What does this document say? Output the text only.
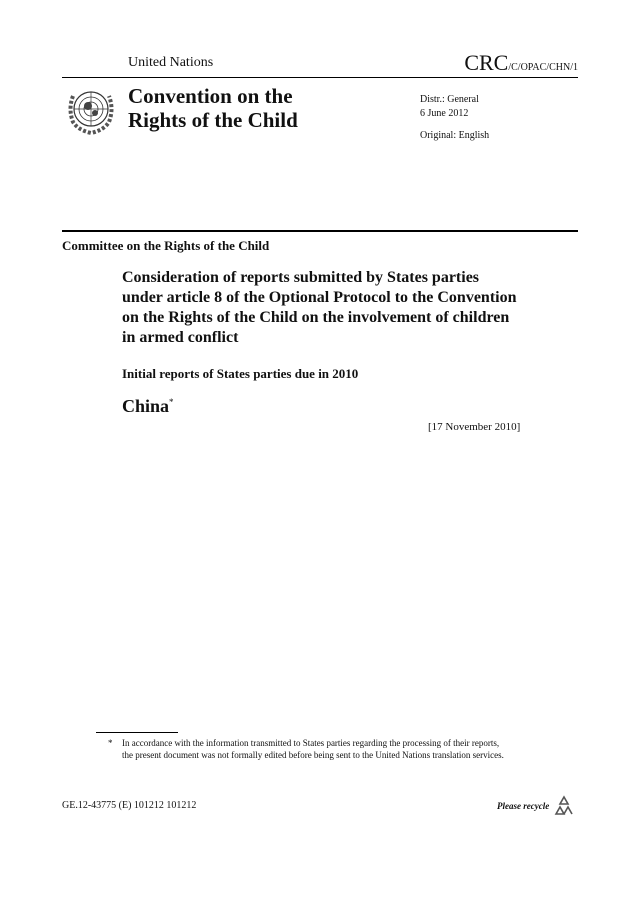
United Nations	CRC/C/OPAC/CHN/1
Convention on the
Rights of the Child
Distr.: General
6 June 2012
Original: English
Committee on the Rights of the Child
Consideration of reports submitted by States parties under article 8 of the Optional Protocol to the Convention on the Rights of the Child on the involvement of children in armed conflict
Initial reports of States parties due in 2010
China*
[17 November 2010]
* In accordance with the information transmitted to States parties regarding the processing of their reports, the present document was not formally edited before being sent to the United Nations translation services.
GE.12-43775 (E) 101212 101212	Please recycle
